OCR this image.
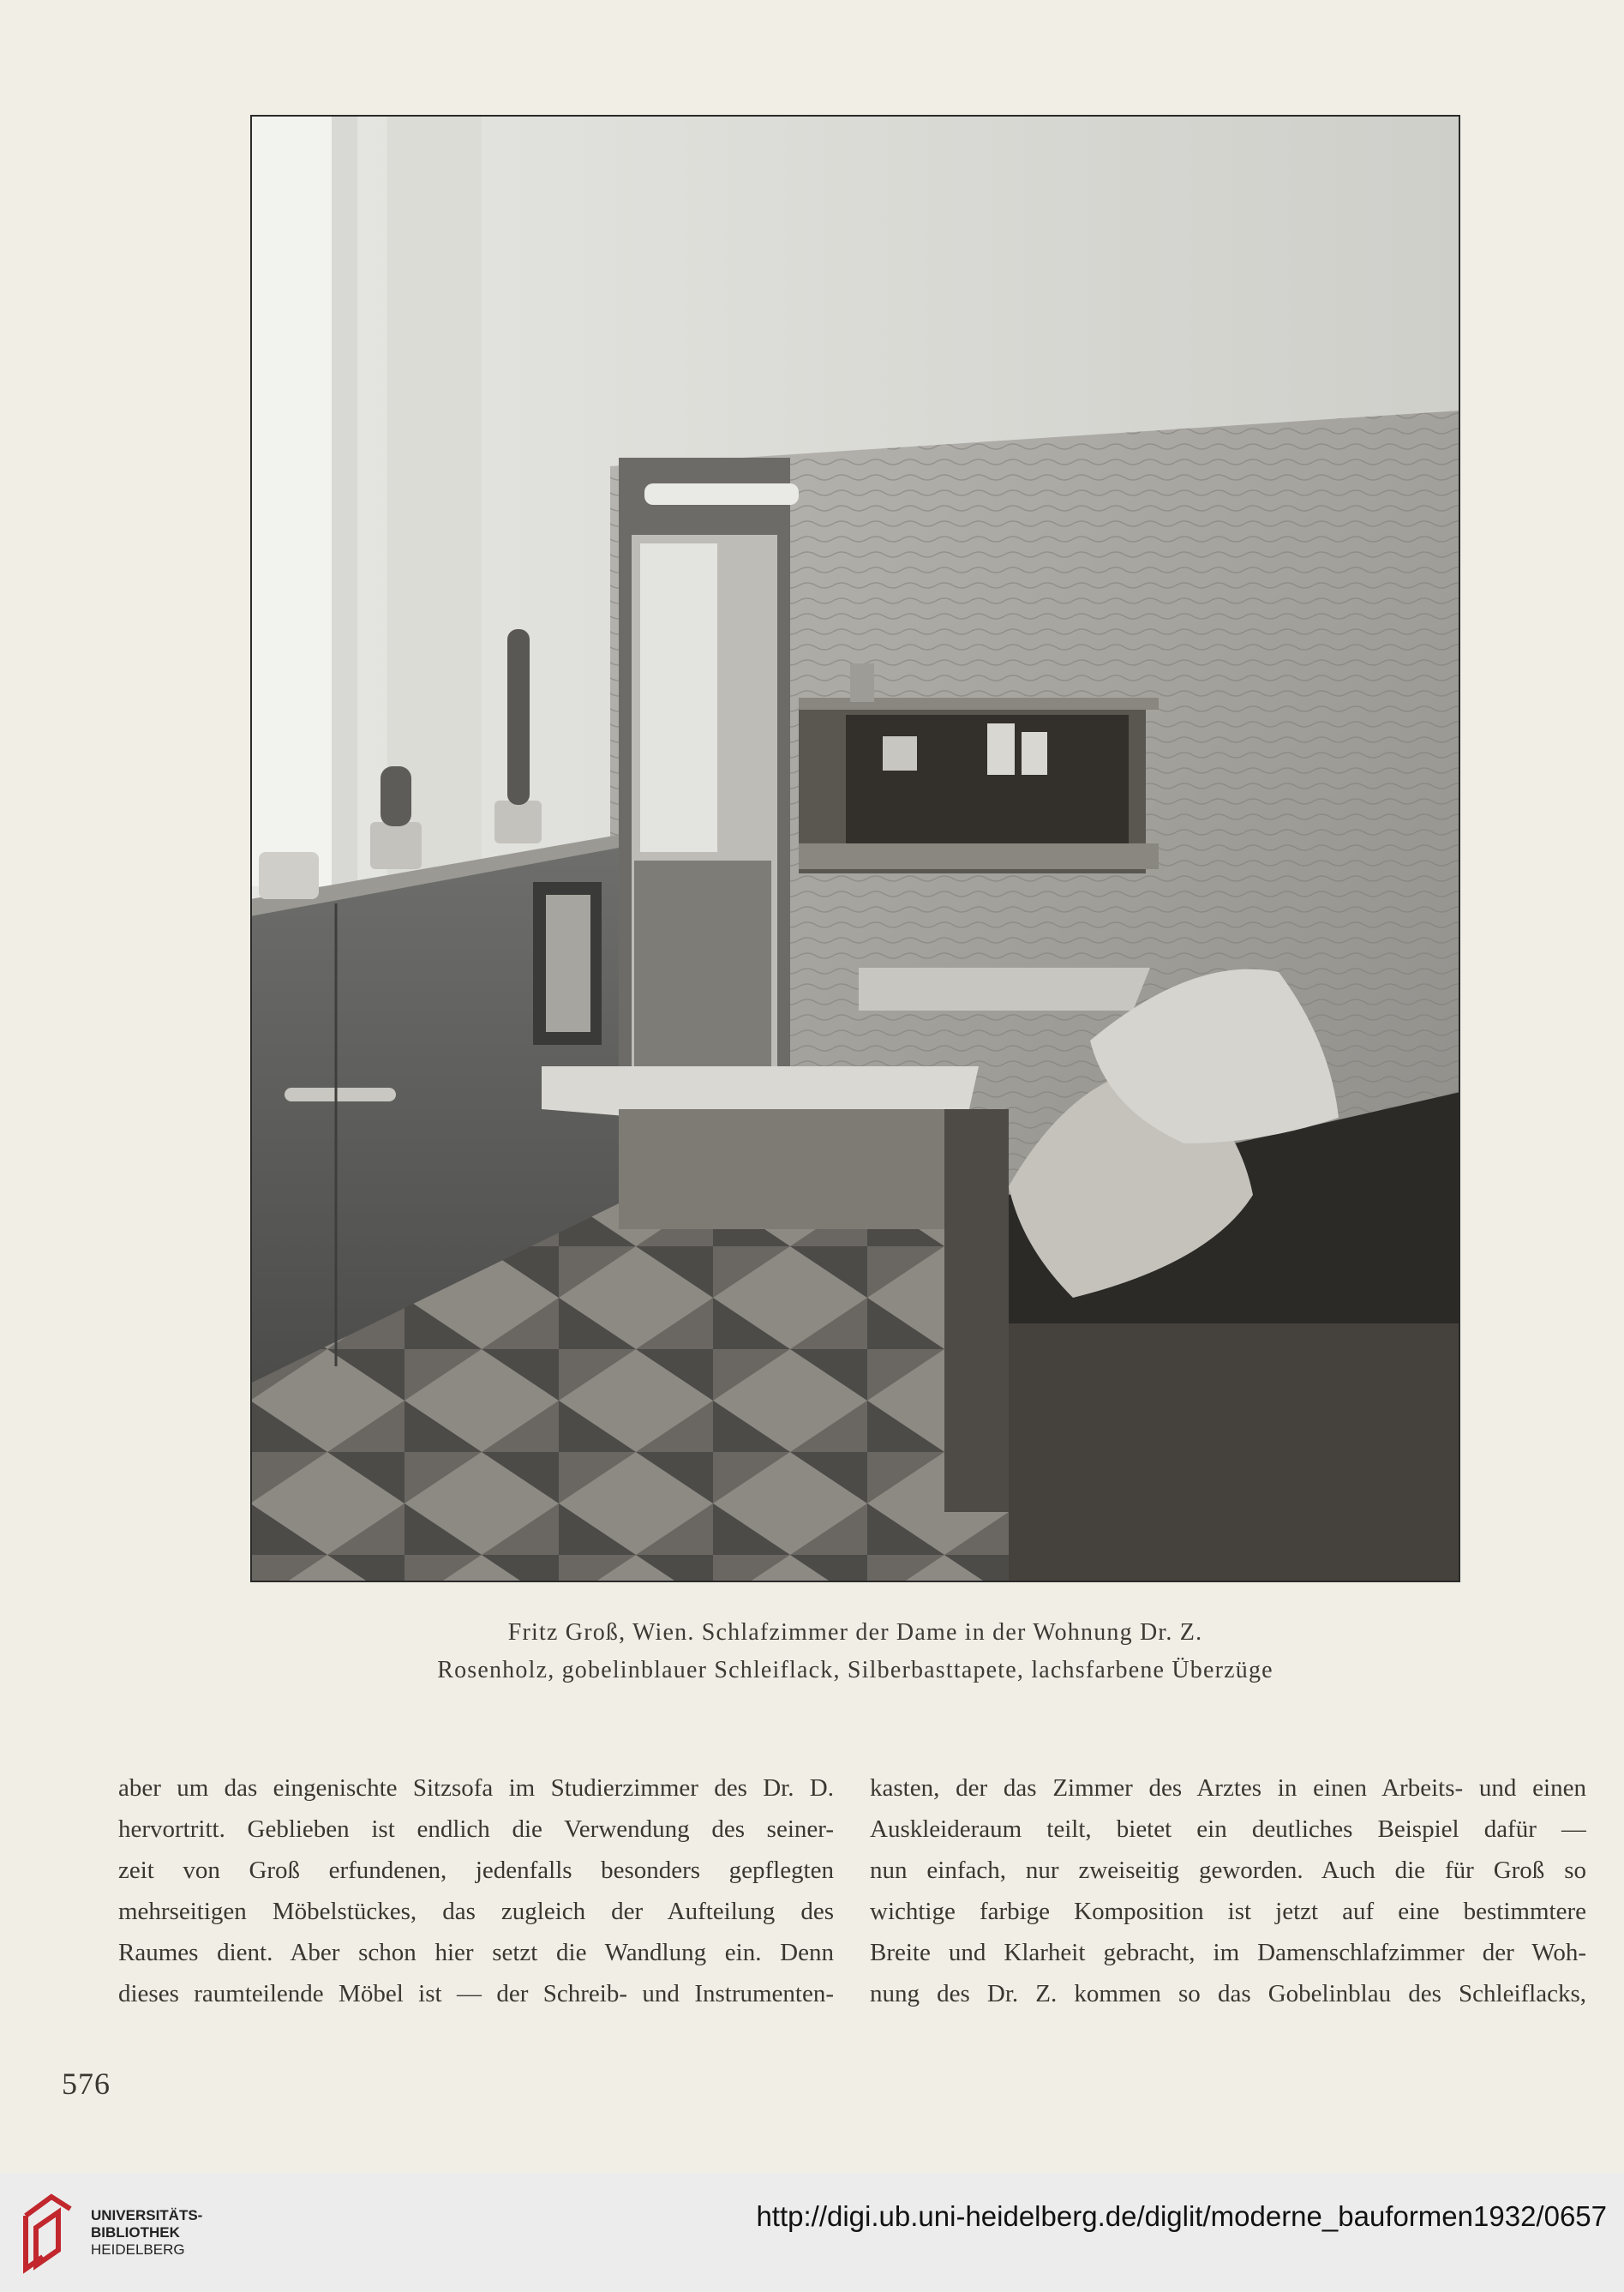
Fritz Groß, Wien. Schlafzimmer der Dame in der Wohnung Dr. Z.
Rosenholz, gobelinblauer Schleiflack, Silberbasttapete, lachsfarbene Überzüge
aber um das eingenischte Sitzsofa im Studierzimmer des Dr. D.
hervortritt. Geblieben ist endlich die Verwendung des seiner-
zeit von Groß erfundenen, jedenfalls besonders gepflegten
mehrseitigen Möbelstückes, das zugleich der Aufteilung des
Raumes dient. Aber schon hier setzt die Wandlung ein. Denn
dieses raumteilende Möbel ist — der Schreib- und Instrumenten-
kasten, der das Zimmer des Arztes in einen Arbeits- und einen
Auskleideraum teilt, bietet ein deutliches Beispiel dafür —
nun einfach, nur zweiseitig geworden. Auch die für Groß so
wichtige farbige Komposition ist jetzt auf eine bestimmtere
Breite und Klarheit gebracht, im Damenschlafzimmer der Woh-
nung des Dr. Z. kommen so das Gobelinblau des Schleiflacks,
576
UNIVERSITÄTS-
BIBLIOTHEK
HEIDELBERG
http://digi.ub.uni-heidelberg.de/diglit/moderne_bauformen1932/0657
